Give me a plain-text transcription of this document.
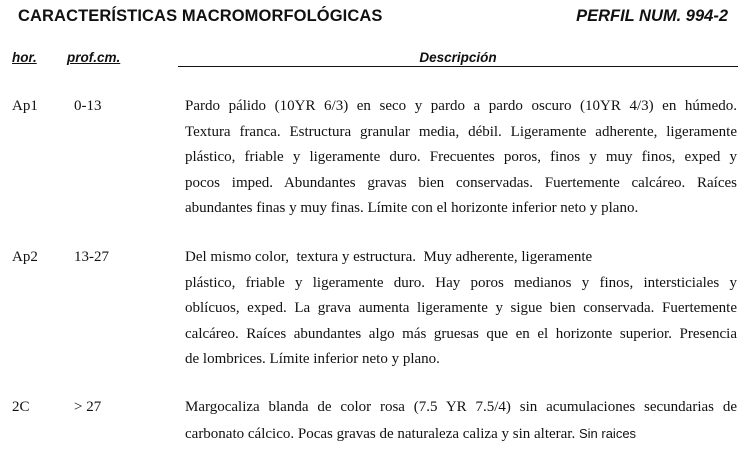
CARACTERÍSTICAS MACROMORFOLÓGICAS	PERFIL NUM. 994-2
hor. prof.cm.	Descripción
Ap1 0-13	Pardo pálido (10YR 6/3) en seco y pardo a pardo oscuro (10YR 4/3) en húmedo.
Textura franca. Estructura granular media, débil. Ligeramente adherente, ligeramente
plástico, friable y ligeramente duro. Frecuentes poros, finos y muy finos, exped y
pocos imped. Abundantes gravas bien conservadas. Fuertemente calcáreo. Raíces
abundantes finas y muy finas. Límite con el horizonte inferior neto y plano.
Ap2 13-27	Del mismo color,  textura y estructura.  Muy adherente, ligeramente
plástico, friable y ligeramente duro. Hay poros medianos y finos, intersticiales y
oblícuos, exped. La grava aumenta ligeramente y sigue bien conservada. Fuertemente
calcáreo. Raíces abundantes algo más gruesas que en el horizonte superior. Presencia
de lombrices. Límite inferior neto y plano.
2C	> 27	Margocaliza blanda de color rosa (7.5 YR 7.5/4) sin acumulaciones secundarias de
carbonato cálcico. Pocas gravas de naturaleza caliza y sin alterar. Sin raices
